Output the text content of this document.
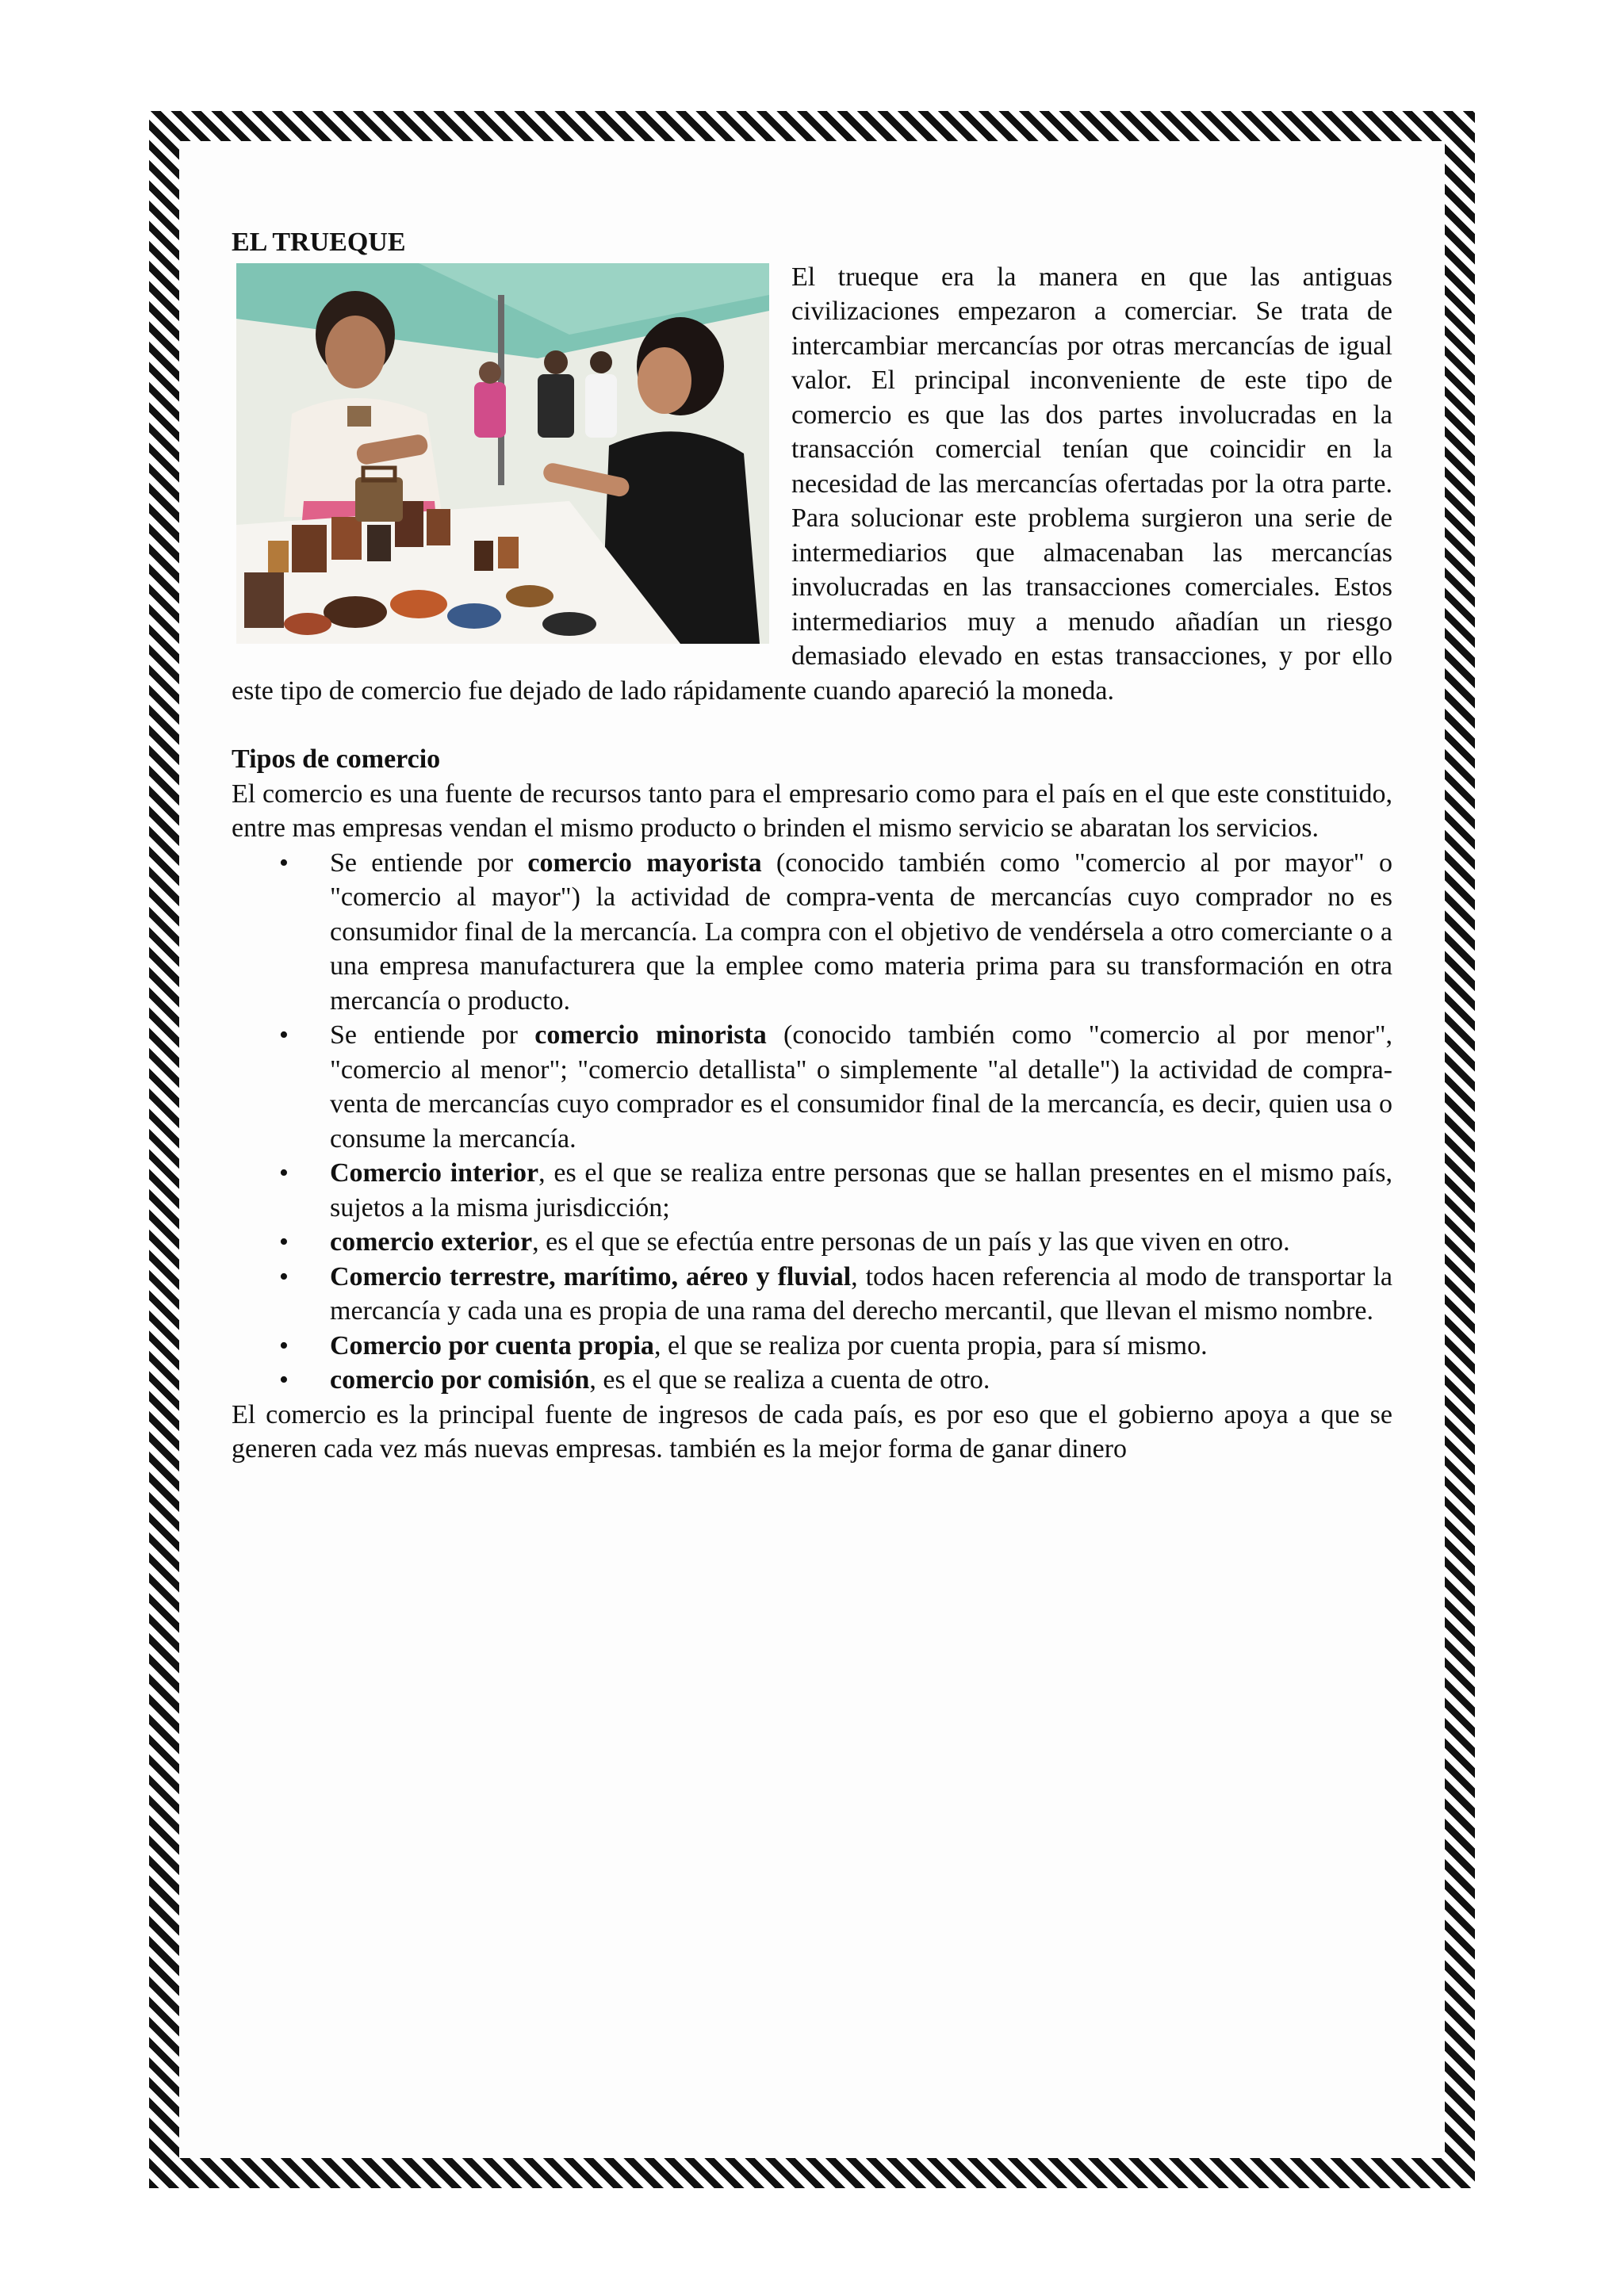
EL TRUEQUE

El trueque era la manera en que las antiguas civilizaciones empezaron a comerciar. Se trata de intercambiar mercancías por otras mercancías de igual valor. El principal inconveniente de este tipo de comercio es que las dos partes involucradas en la transacción comercial tenían que coincidir en la necesidad de las mercancías ofertadas por la otra parte. Para solucionar este problema surgieron una serie de intermediarios que almacenaban las mercancías involucradas en las transacciones comerciales. Estos intermediarios muy a menudo añadían un riesgo demasiado elevado en estas transacciones, y por ello este tipo de comercio fue dejado de lado rápidamente cuando apareció la moneda.

Tipos de comercio

El comercio es una fuente de recursos tanto para el empresario como para el país en el que este constituido, entre mas empresas vendan el mismo producto o brinden el mismo servicio se abaratan los servicios.

• Se entiende por comercio mayorista (conocido también como "comercio al por mayor" o "comercio al mayor") la actividad de compra-venta de mercancías cuyo comprador no es consumidor final de la mercancía. La compra con el objetivo de vendérsela a otro comerciante o a una empresa manufacturera que la emplee como materia prima para su transformación en otra mercancía o producto.
• Se entiende por comercio minorista (conocido también como "comercio al por menor", "comercio al menor"; "comercio detallista" o simplemente "al detalle") la actividad de compra-venta de mercancías cuyo comprador es el consumidor final de la mercancía, es decir, quien usa o consume la mercancía.
• Comercio interior, es el que se realiza entre personas que se hallan presentes en el mismo país, sujetos a la misma jurisdicción;
• comercio exterior, es el que se efectúa entre personas de un país y las que viven en otro.
• Comercio terrestre, marítimo, aéreo y fluvial, todos hacen referencia al modo de transportar la mercancía y cada una es propia de una rama del derecho mercantil, que llevan el mismo nombre.
• Comercio por cuenta propia, el que se realiza por cuenta propia, para sí mismo.
• comercio por comisión, es el que se realiza a cuenta de otro.

El comercio es la principal fuente de ingresos de cada país, es por eso que el gobierno apoya a que se generen cada vez más nuevas empresas. también es la mejor forma de ganar dinero
